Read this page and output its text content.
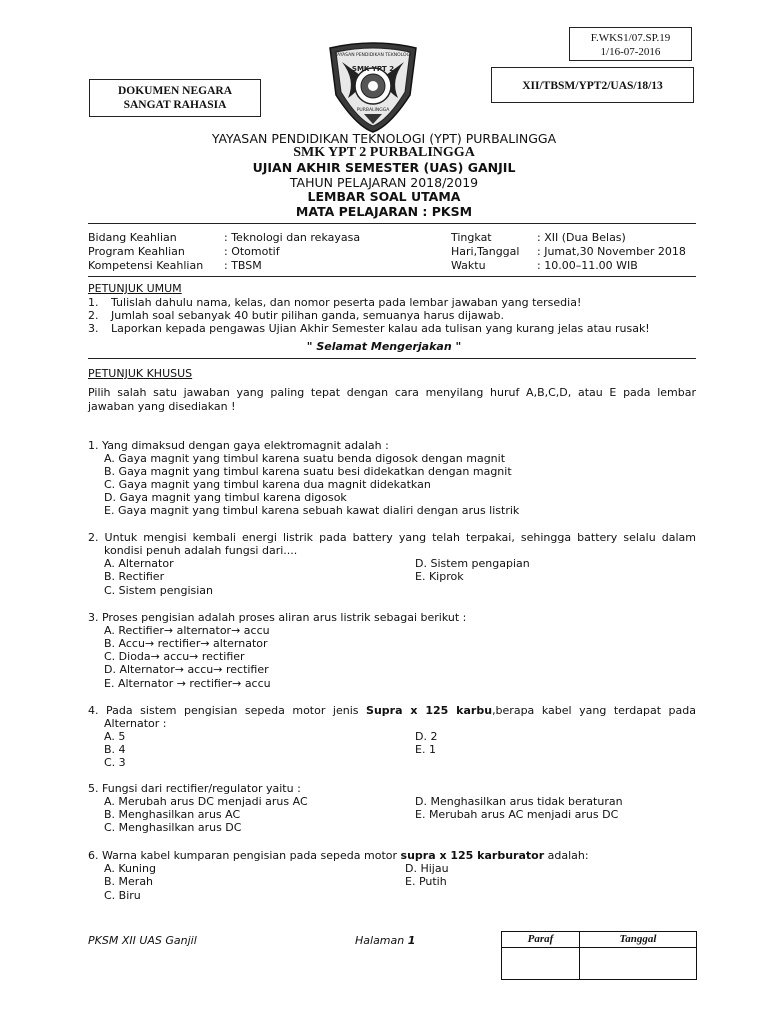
F.WKS1/07.SP.19
1/16-07-2016
DOKUMEN NEGARA
SANGAT RAHASIA
XII/TBSM/YPT2/UAS/18/13
YAYASAN PENDIDIKAN TEKNOLOGI
SMK YPT 2
PURBALINGGA
YAYASAN PENDIDIKAN TEKNOLOGI (YPT) PURBALINGGA
SMK YPT 2 PURBALINGGA
UJIAN AKHIR SEMESTER (UAS) GANJIL
TAHUN PELAJARAN 2018/2019
LEMBAR SOAL UTAMA
MATA PELAJARAN : PKSM
Bidang Keahlian	: Teknologi dan rekayasa
Program Keahlian	: Otomotif
Kompetensi Keahlian : TBSM
Tingkat	: XII (Dua Belas)
Hari,Tanggal : Jumat,30 November 2018
Waktu	: 10.00–11.00 WIB
PETUNJUK UMUM
1. Tulislah dahulu nama, kelas, dan nomor peserta pada lembar jawaban yang tersedia!
2. Jumlah soal sebanyak 40 butir pilihan ganda, semuanya harus dijawab.
3. Laporkan kepada pengawas Ujian Akhir Semester kalau ada tulisan yang kurang jelas atau rusak!
" Selamat Mengerjakan "
PETUNJUK KHUSUS
Pilih salah satu jawaban yang paling tepat dengan cara menyilang huruf A,B,C,D, atau E pada lembar
jawaban yang disediakan !
1. Yang dimaksud dengan gaya elektromagnit adalah :
A. Gaya magnit yang timbul karena suatu benda digosok dengan magnit
B. Gaya magnit yang timbul karena suatu besi didekatkan dengan magnit
C. Gaya magnit yang timbul karena dua magnit didekatkan
D. Gaya magnit yang timbul karena digosok
E. Gaya magnit yang timbul karena sebuah kawat dialiri dengan arus listrik
2. Untuk mengisi kembali energi listrik pada battery yang telah terpakai, sehingga battery selalu dalam
kondisi penuh adalah fungsi dari....
A. Alternator
B. Rectifier
C. Sistem pengisian
D. Sistem pengapian
E. Kiprok
3. Proses pengisian adalah proses aliran arus listrik sebagai berikut :
A. Rectifier→ alternator→ accu
B. Accu→ rectifier→ alternator
C. Dioda→ accu→ rectifier
D. Alternator→ accu→ rectifier
E. Alternator → rectifier→ accu
4. Pada sistem pengisian sepeda motor jenis Supra x 125 karbu,berapa kabel yang terdapat pada
Alternator :
A. 5
B. 4
C. 3
D. 2
E. 1
5. Fungsi dari rectifier/regulator yaitu :
A. Merubah arus DC menjadi arus AC
B. Menghasilkan arus AC
C. Menghasilkan arus DC
D. Menghasilkan arus tidak beraturan
E. Merubah arus AC menjadi arus DC
6. Warna kabel kumparan pengisian pada sepeda motor supra x 125 karburator adalah:
A. Kuning
B. Merah
C. Biru
D. Hijau
E. Putih
PKSM XII UAS Ganjil	Halaman 1	Paraf	Tanggal
